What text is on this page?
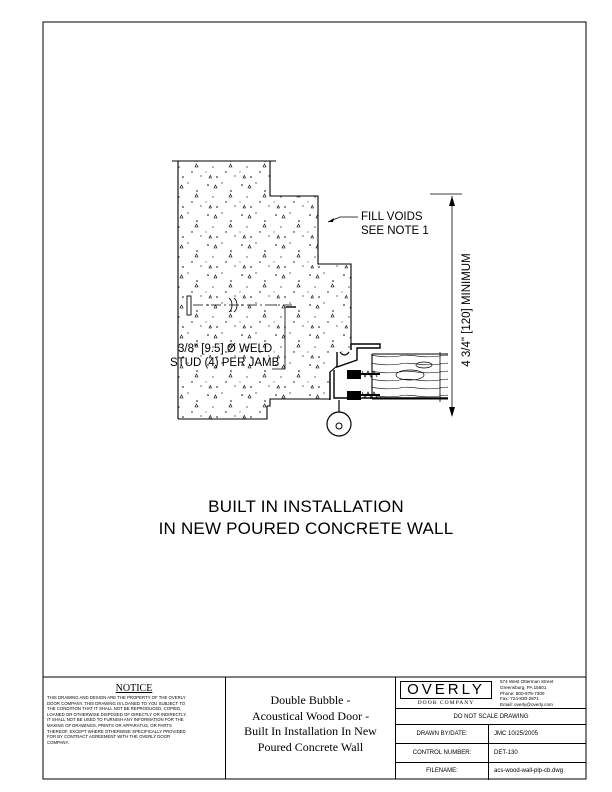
FILL VOIDS
SEE NOTE 1
3/8" [9.5] Ø WELD
STUD (4) PER JAMB	4 3/4" [120] MINIMUM
BUILT IN INSTALLATION
IN NEW POURED CONCRETE WALL
NOTICE
THIS DRAWING AND DESIGN ARE THE PROPERTY OF THE OVERLY
DOOR COMPANY. THIS DRAWING IS LOANED TO YOU SUBJECT TO
THE CONDITION THAT IT SHALL NOT BE REPRODUCED, COPIED,
LOANED OR OTHERWISE DISPOSED OF DIRECTLY OR INDIRECTLY.
IT SHALL NOT BE USED TO FURNISH ANY INFORMATION FOR THE
MAKING OF DRAWINGS, PRINTS OR APPARATUS, OR PARTS
THEREOF, EXCEPT WHERE OTHERWISE SPECIFICALLY PROVIDED
FOR BY CONTRACT AGREEMENT WITH THE OVERLY DOOR
COMPANY.
Double Bubble -
Acoustical Wood Door -
Built In Installation In New
Poured Concrete Wall
OVERLY
DOOR COMPANY
574 West Otterman Street
Greensburg, PA 15601
Phone: 800-979-7300
Fax: 724-830-2871
Email: overly@overly.com
DO NOT SCALE DRAWING
DRAWN BY/DATE:	JMC 10/25/2005
CONTROL NUMBER:	DET-130
FILENAME:	acs-wood-wall-plp-cb.dwg
